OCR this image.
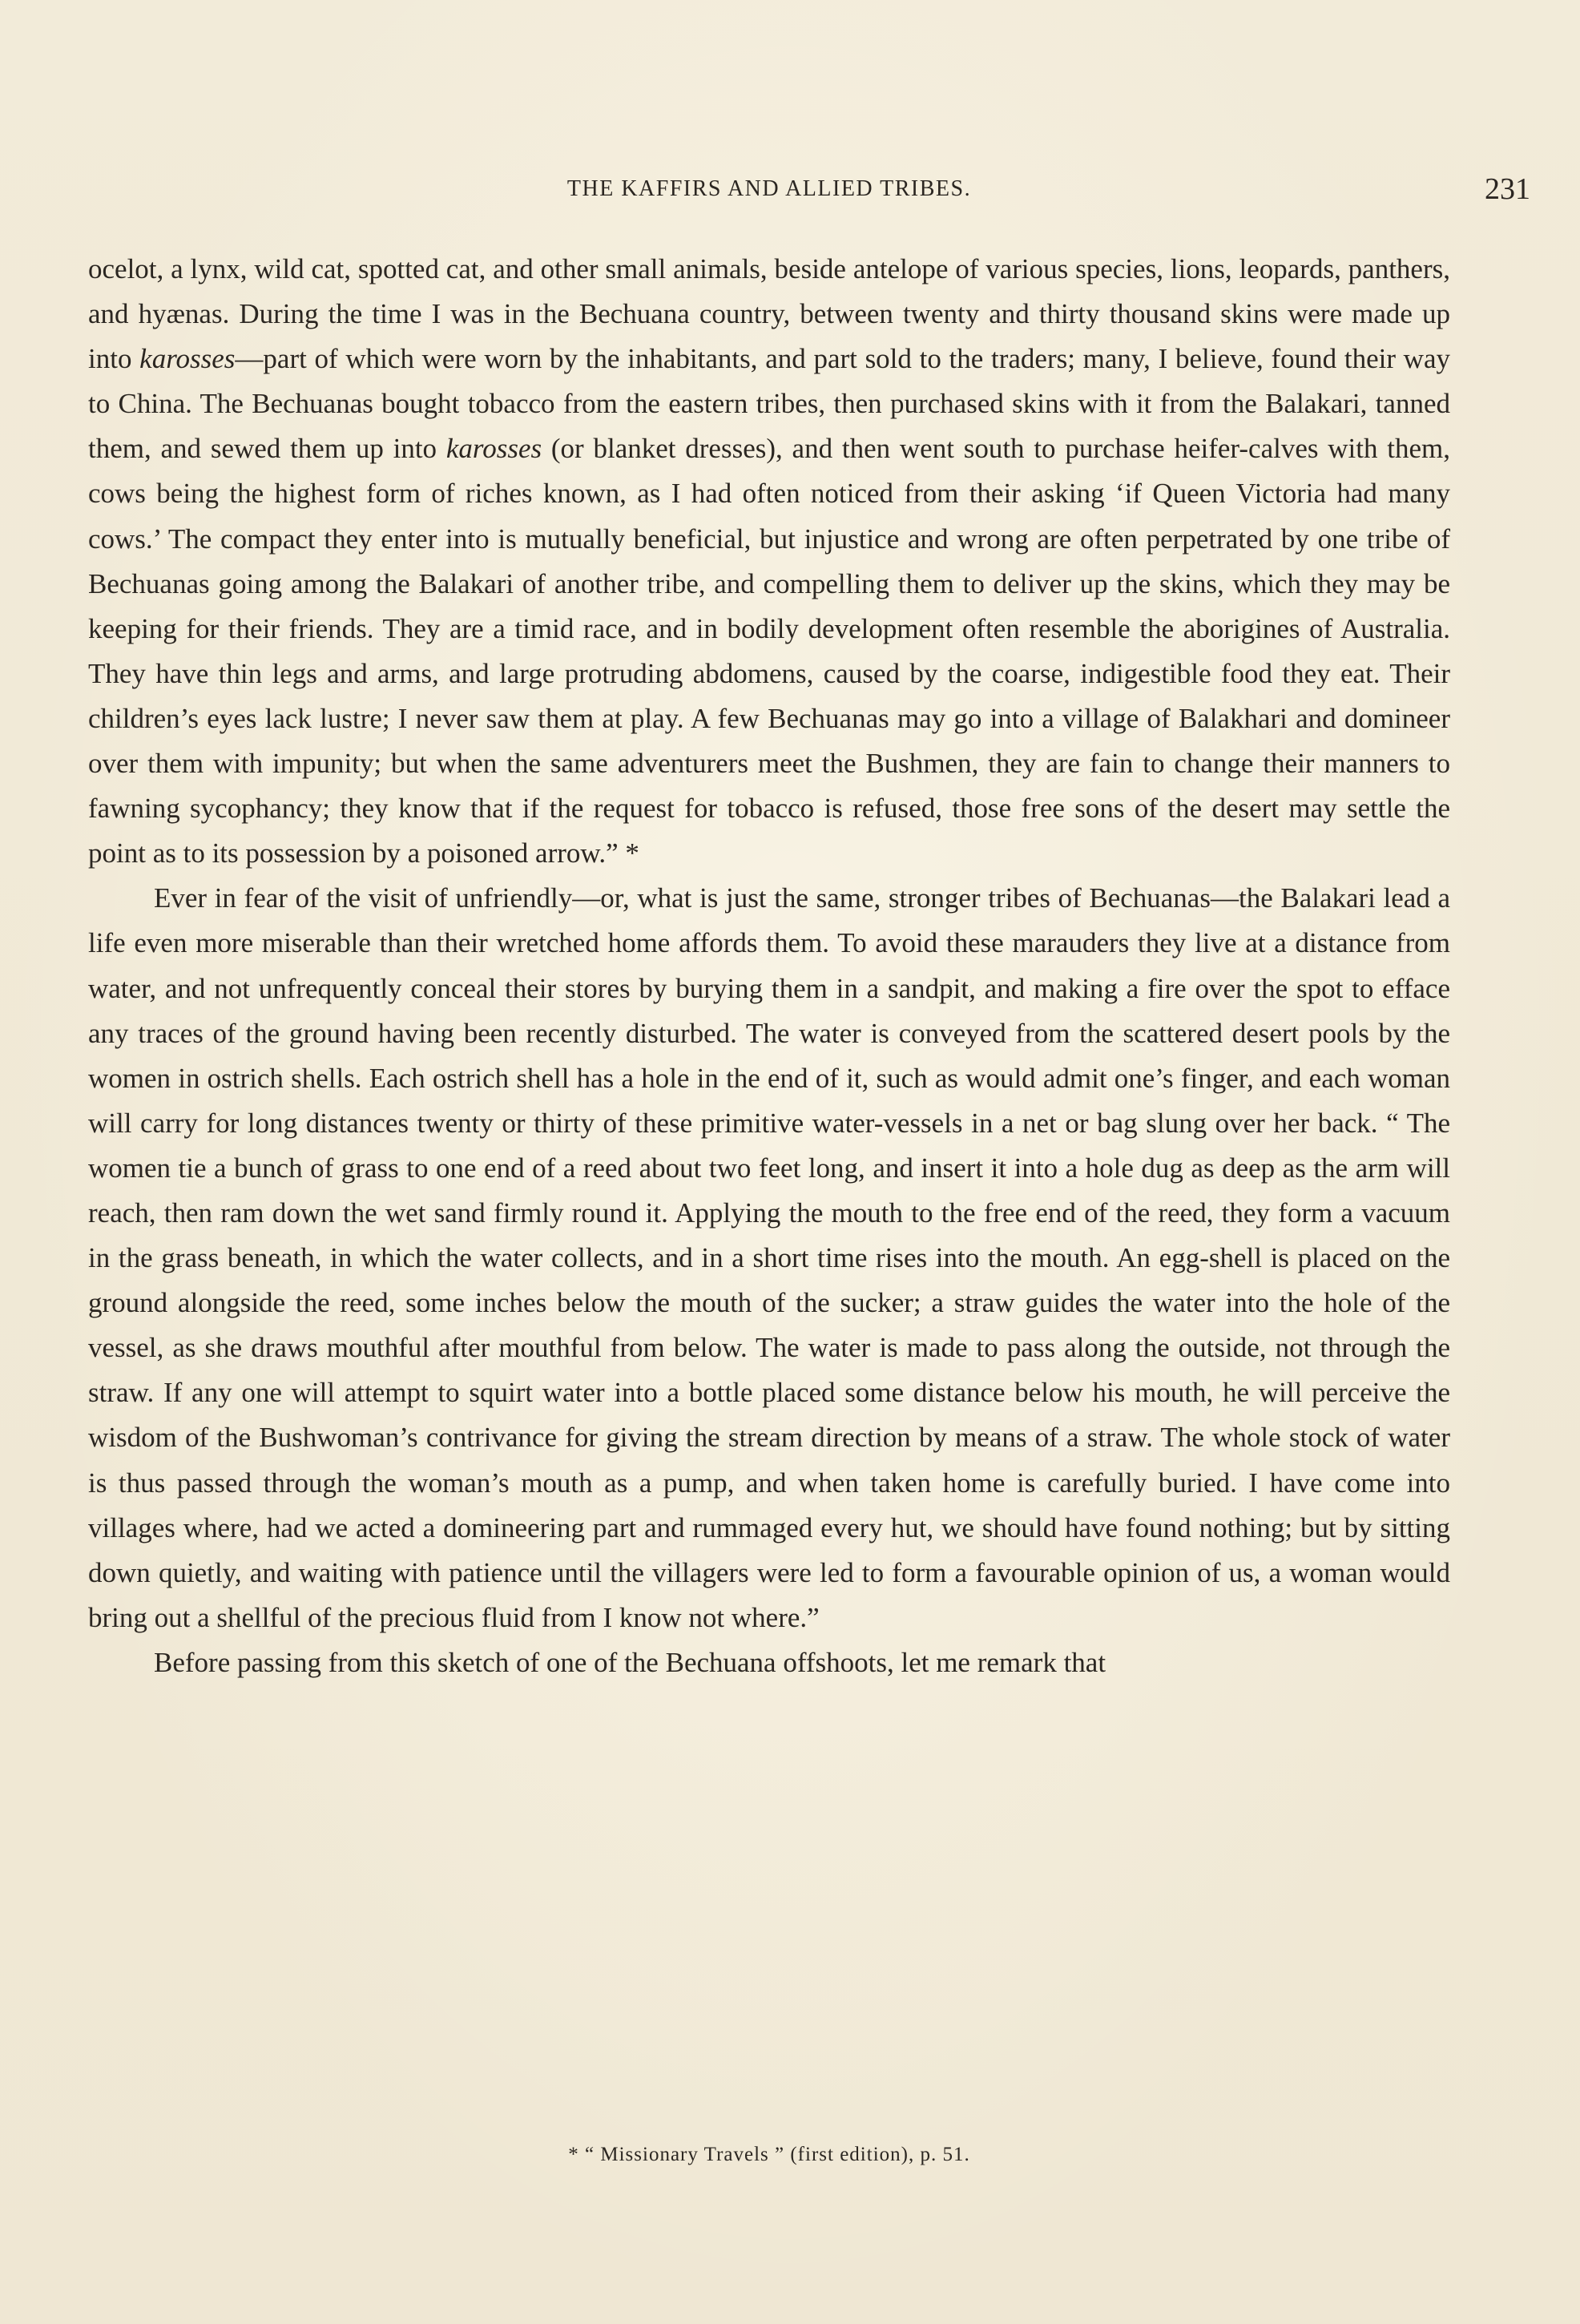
THE KAFFIRS AND ALLIED TRIBES.	231

ocelot, a lynx, wild cat, spotted cat, and other small animals, beside antelope of various species, lions, leopards, panthers, and hyænas. During the time I was in the Bechuana country, between twenty and thirty thousand skins were made up into karosses—part of which were worn by the inhabitants, and part sold to the traders; many, I believe, found their way to China. The Bechuanas bought tobacco from the eastern tribes, then purchased skins with it from the Balakari, tanned them, and sewed them up into karosses (or blanket dresses), and then went south to purchase heifer-calves with them, cows being the highest form of riches known, as I had often noticed from their asking ‘if Queen Victoria had many cows.’ The compact they enter into is mutually beneficial, but injustice and wrong are often perpetrated by one tribe of Bechuanas going among the Balakari of another tribe, and compelling them to deliver up the skins, which they may be keeping for their friends. They are a timid race, and in bodily development often resemble the aborigines of Australia. They have thin legs and arms, and large protruding abdomens, caused by the coarse, indigestible food they eat. Their children’s eyes lack lustre; I never saw them at play. A few Bechuanas may go into a village of Balakhari and domineer over them with impunity; but when the same adventurers meet the Bushmen, they are fain to change their manners to fawning sycophancy; they know that if the request for tobacco is refused, those free sons of the desert may settle the point as to its possession by a poisoned arrow.” *

Ever in fear of the visit of unfriendly—or, what is just the same, stronger tribes of Bechuanas—the Balakari lead a life even more miserable than their wretched home affords them. To avoid these marauders they live at a distance from water, and not unfrequently conceal their stores by burying them in a sandpit, and making a fire over the spot to efface any traces of the ground having been recently disturbed. The water is conveyed from the scattered desert pools by the women in ostrich shells. Each ostrich shell has a hole in the end of it, such as would admit one’s finger, and each woman will carry for long distances twenty or thirty of these primitive water-vessels in a net or bag slung over her back. “ The women tie a bunch of grass to one end of a reed about two feet long, and insert it into a hole dug as deep as the arm will reach, then ram down the wet sand firmly round it. Applying the mouth to the free end of the reed, they form a vacuum in the grass beneath, in which the water collects, and in a short time rises into the mouth. An egg-shell is placed on the ground alongside the reed, some inches below the mouth of the sucker; a straw guides the water into the hole of the vessel, as she draws mouthful after mouthful from below. The water is made to pass along the outside, not through the straw. If any one will attempt to squirt water into a bottle placed some distance below his mouth, he will perceive the wisdom of the Bushwoman’s contrivance for giving the stream direction by means of a straw. The whole stock of water is thus passed through the woman’s mouth as a pump, and when taken home is carefully buried. I have come into villages where, had we acted a domineering part and rummaged every hut, we should have found nothing; but by sitting down quietly, and waiting with patience until the villagers were led to form a favourable opinion of us, a woman would bring out a shellful of the precious fluid from I know not where.”

Before passing from this sketch of one of the Bechuana offshoots, let me remark that

* “ Missionary Travels ” (first edition), p. 51.
